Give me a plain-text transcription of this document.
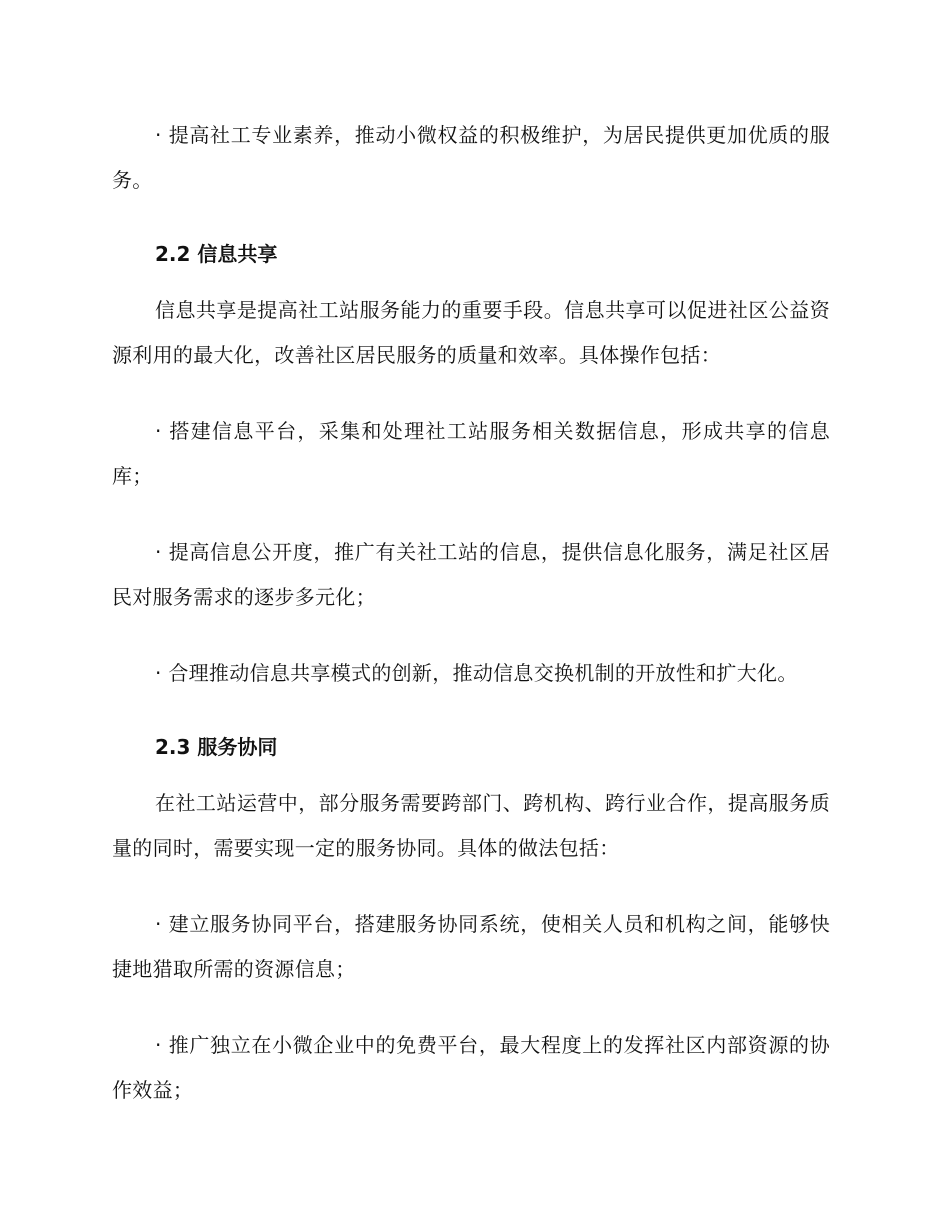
· 提高社工专业素养，推动小微权益的积极维护，为居民提供更加优质的服务。

2.2 信息共享

信息共享是提高社工站服务能力的重要手段。信息共享可以促进社区公益资源利用的最大化，改善社区居民服务的质量和效率。具体操作包括：

· 搭建信息平台，采集和处理社工站服务相关数据信息，形成共享的信息库；

· 提高信息公开度，推广有关社工站的信息，提供信息化服务，满足社区居民对服务需求的逐步多元化；

· 合理推动信息共享模式的创新，推动信息交换机制的开放性和扩大化。

2.3 服务协同

在社工站运营中，部分服务需要跨部门、跨机构、跨行业合作，提高服务质量的同时，需要实现一定的服务协同。具体的做法包括：

· 建立服务协同平台，搭建服务协同系统，使相关人员和机构之间，能够快捷地猎取所需的资源信息；

· 推广独立在小微企业中的免费平台，最大程度上的发挥社区内部资源的协作效益；
